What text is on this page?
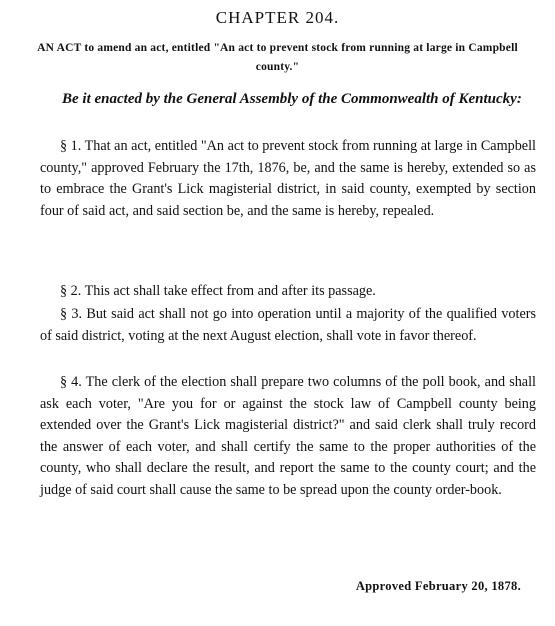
CHAPTER 204.
AN ACT to amend an act, entitled "An act to prevent stock from running at large in Campbell county."
Be it enacted by the General Assembly of the Commonwealth of Kentucky:
§ 1. That an act, entitled "An act to prevent stock from running at large in Campbell county," approved February the 17th, 1876, be, and the same is hereby, extended so as to embrace the Grant's Lick magisterial district, in said county, exempted by section four of said act, and said section be, and the same is hereby, repealed.
§ 2. This act shall take effect from and after its passage.
§ 3. But said act shall not go into operation until a majority of the qualified voters of said district, voting at the next August election, shall vote in favor thereof.
§ 4. The clerk of the election shall prepare two columns of the poll book, and shall ask each voter, "Are you for or against the stock law of Campbell county being extended over the Grant's Lick magisterial district?" and said clerk shall truly record the answer of each voter, and shall certify the same to the proper authorities of the county, who shall declare the result, and report the same to the county court; and the judge of said court shall cause the same to be spread upon the county order-book.
Approved February 20, 1878.
